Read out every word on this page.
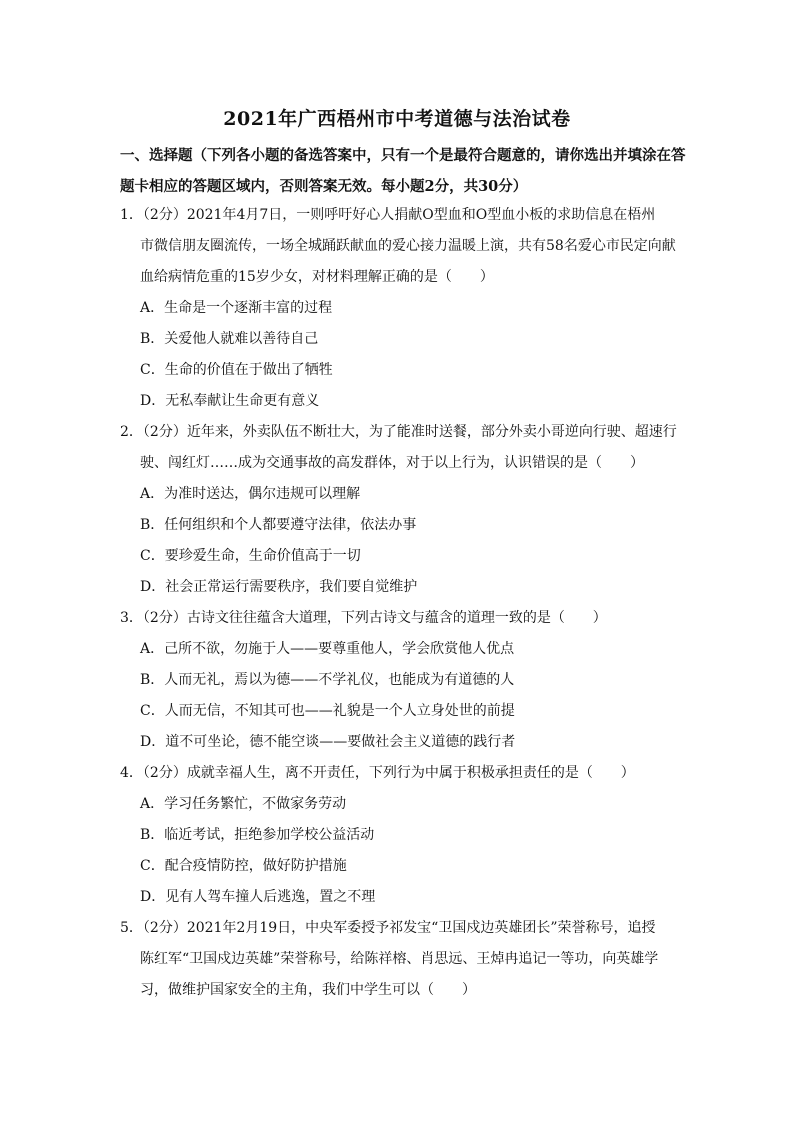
2021年广西梧州市中考道德与法治试卷
一、选择题（下列各小题的备选答案中，只有一个是最符合题意的，请你选出并填涂在答
题卡相应的答题区域内，否则答案无效。每小题2分，共30分）
1．（2分）2021年4月7日，一则呼吁好心人捐献O型血和O型血小板的求助信息在梧州
市微信朋友圈流传，一场全城踊跃献血的爱心接力温暖上演，共有58名爱心市民定向献
血给病情危重的15岁少女，对材料理解正确的是（　　）
A．生命是一个逐渐丰富的过程
B．关爱他人就难以善待自己
C．生命的价值在于做出了牺牲
D．无私奉献让生命更有意义
2．（2分）近年来，外卖队伍不断壮大，为了能准时送餐，部分外卖小哥逆向行驶、超速行
驶、闯红灯……成为交通事故的高发群体，对于以上行为，认识错误的是（　　）
A．为准时送达，偶尔违规可以理解
B．任何组织和个人都要遵守法律，依法办事
C．要珍爱生命，生命价值高于一切
D．社会正常运行需要秩序，我们要自觉维护
3．（2分）古诗文往往蕴含大道理，下列古诗文与蕴含的道理一致的是（　　）
A．己所不欲，勿施于人——要尊重他人，学会欣赏他人优点
B．人而无礼，焉以为德——不学礼仪，也能成为有道德的人
C．人而无信，不知其可也——礼貌是一个人立身处世的前提
D．道不可坐论，德不能空谈——要做社会主义道德的践行者
4．（2分）成就幸福人生，离不开责任，下列行为中属于积极承担责任的是（　　）
A．学习任务繁忙，不做家务劳动
B．临近考试，拒绝参加学校公益活动
C．配合疫情防控，做好防护措施
D．见有人驾车撞人后逃逸，置之不理
5．（2分）2021年2月19日，中央军委授予祁发宝“卫国戍边英雄团长”荣誉称号，追授
陈红军“卫国戍边英雄”荣誉称号，给陈祥榕、肖思远、王焯冉追记一等功，向英雄学
习，做维护国家安全的主角，我们中学生可以（　　）
